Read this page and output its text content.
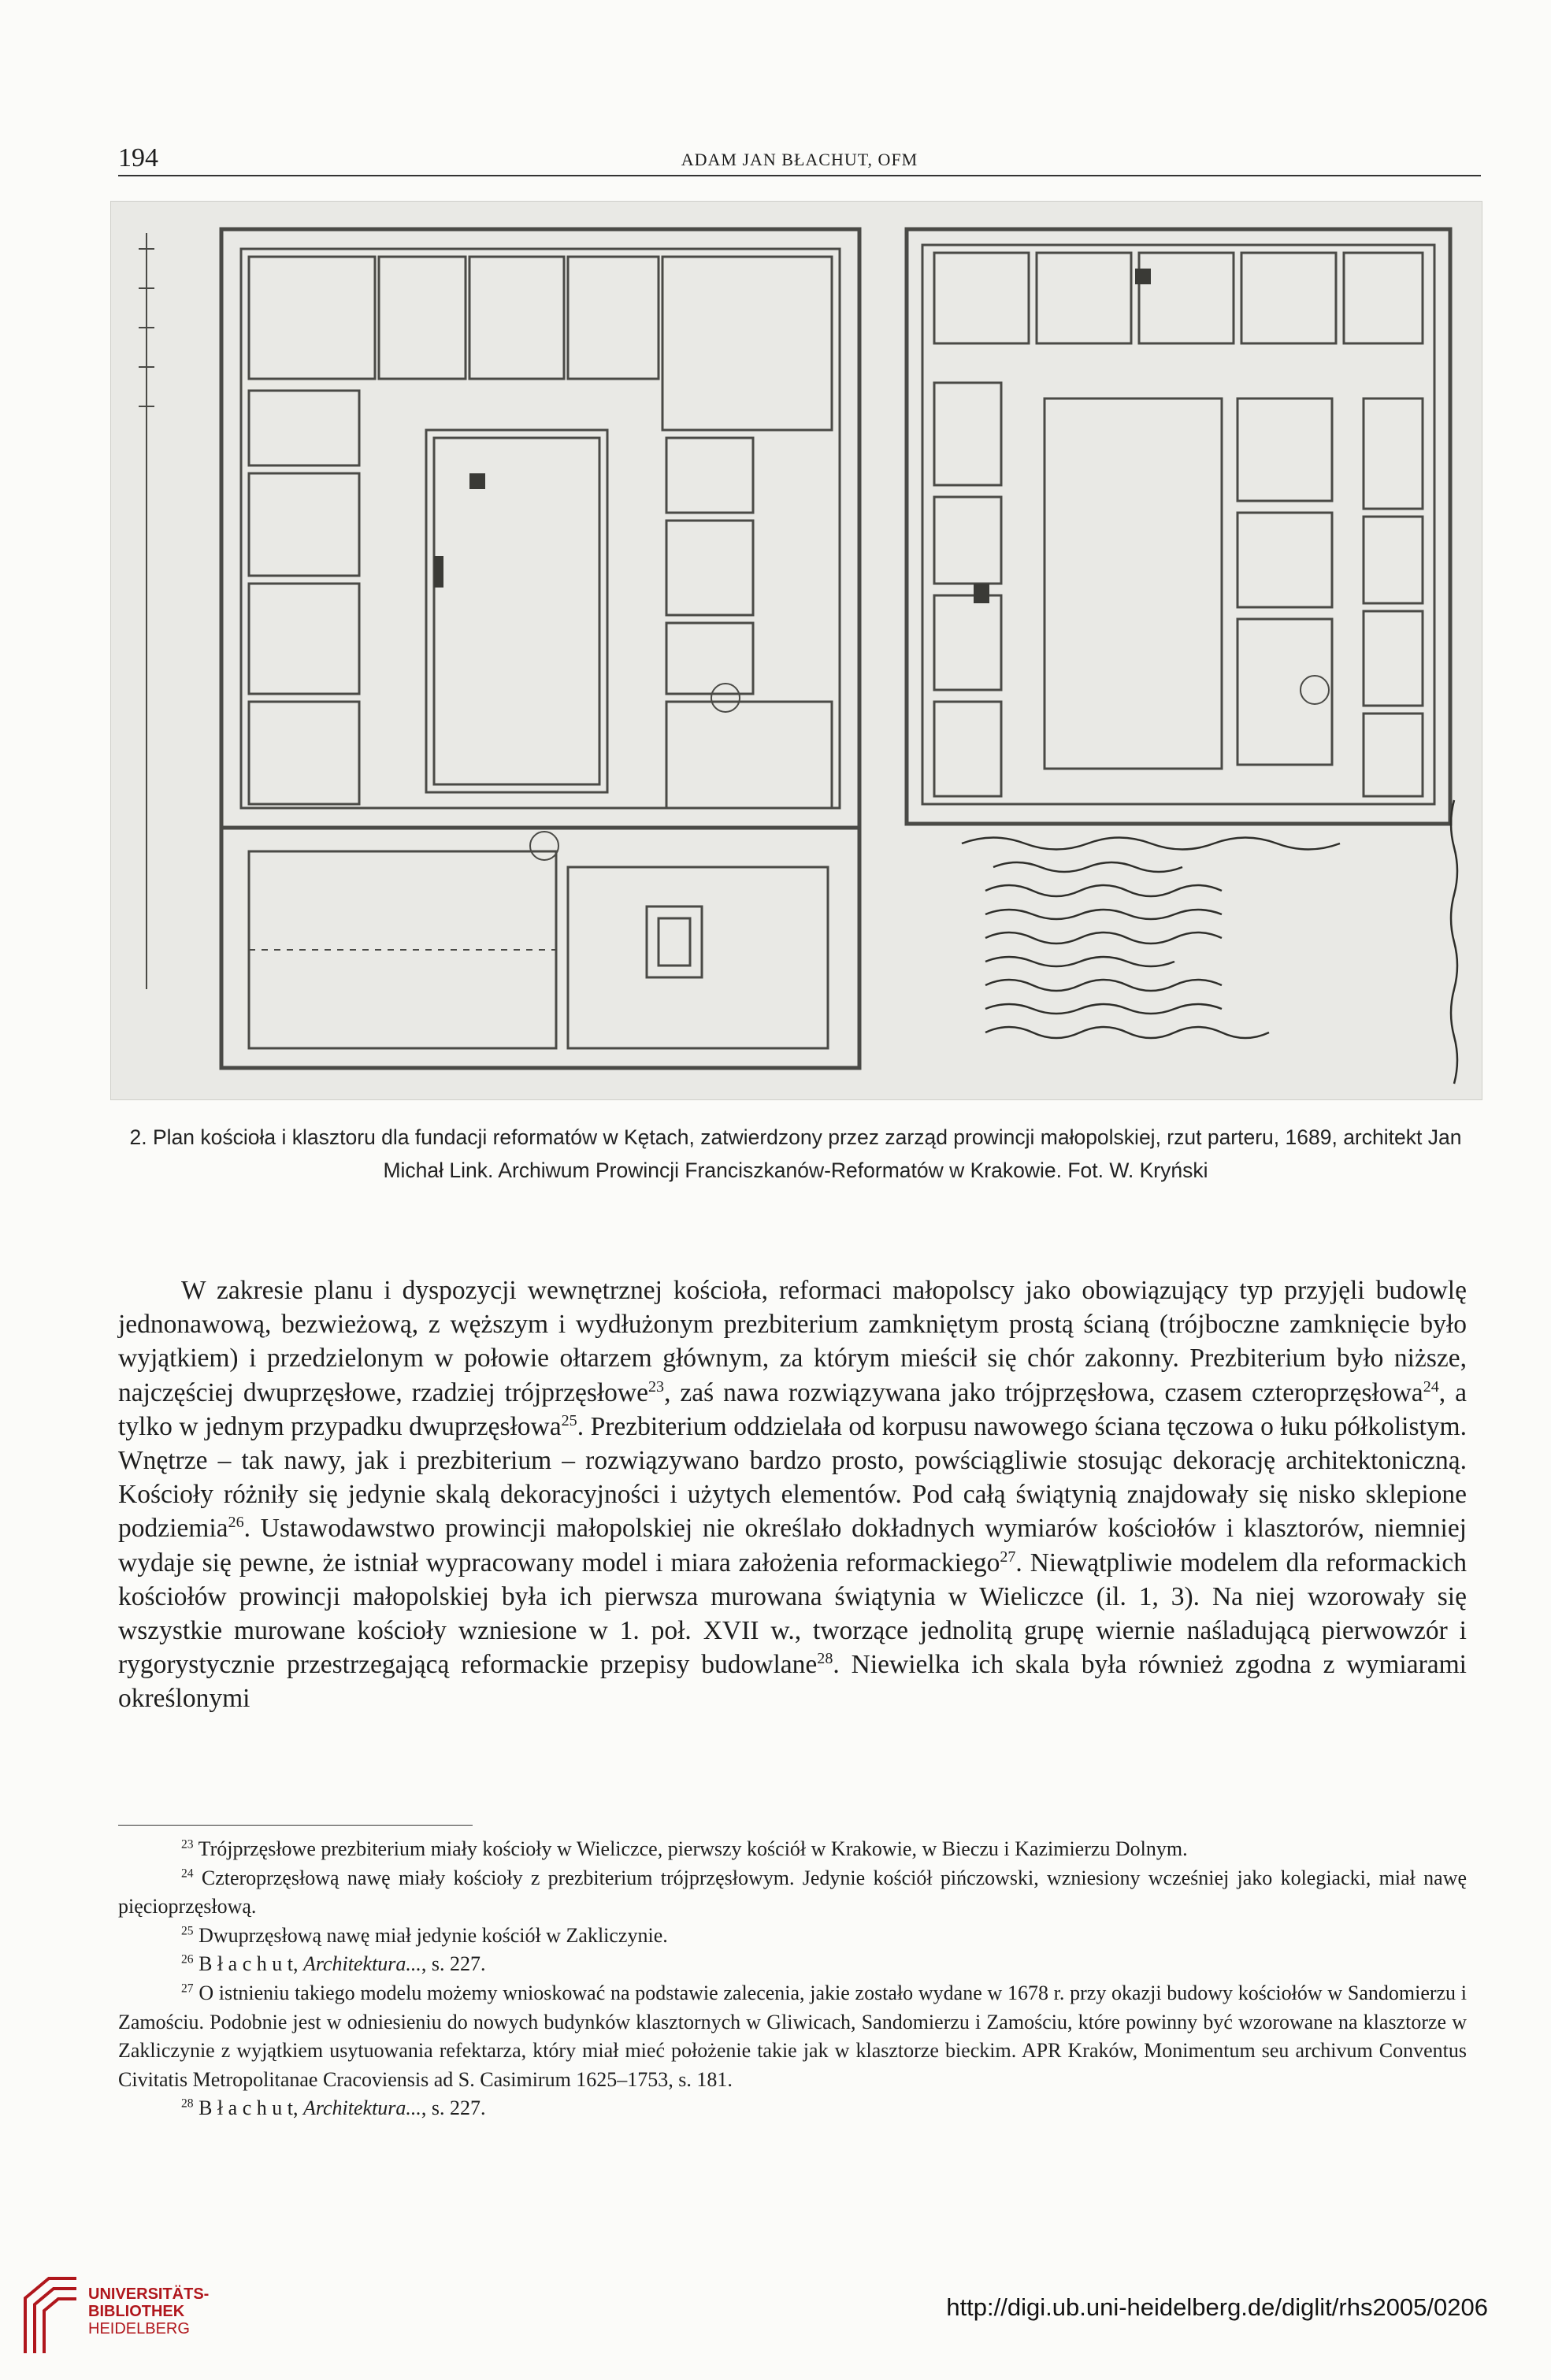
194	ADAM JAN BŁACHUT, OFM
2. Plan kościoła i klasztoru dla fundacji reformatów w Kętach, zatwierdzony przez zarząd prowincji małopolskiej, rzut parteru, 1689, architekt Jan Michał Link. Archiwum Prowincji Franciszkanów-Reformatów w Krakowie. Fot. W. Kryński

W zakresie planu i dyspozycji wewnętrznej kościoła, reformaci małopolscy jako obowiązujący typ przyjęli budowlę jednonawową, bezwieżową, z węższym i wydłużonym prezbiterium zamkniętym prostą ścianą (trójboczne zamknięcie było wyjątkiem) i przedzielonym w połowie ołtarzem głównym, za którym mieścił się chór zakonny. Prezbiterium było niższe, najczęściej dwuprzęsłowe, rzadziej trójprzęsłowe$^{23}$, zaś nawa rozwiązywana jako trójprzęsłowa, czasem czteroprzęsłowa$^{24}$, a tylko w jednym przypadku dwuprzęsłowa$^{25}$. Prezbiterium oddzielała od korpusu nawowego ściana tęczowa o łuku półkolistym. Wnętrze – tak nawy, jak i prezbiterium – rozwiązywano bardzo prosto, powściągliwie stosując dekorację architektoniczną. Kościoły różniły się jedynie skalą dekoracyjności i użytych elementów. Pod całą świątynią znajdowały się nisko sklepione podziemia$^{26}$. Ustawodawstwo prowincji małopolskiej nie określało dokładnych wymiarów kościołów i klasztorów, niemniej wydaje się pewne, że istniał wypracowany model i miara założenia reformackiego$^{27}$. Niewątpliwie modelem dla reformackich kościołów prowincji małopolskiej była ich pierwsza murowana świątynia w Wieliczce (il. 1, 3). Na niej wzorowały się wszystkie murowane kościoły wzniesione w 1. poł. XVII w., tworzące jednolitą grupę wiernie naśladującą pierwowzór i rygorystycznie przestrzegającą reformackie przepisy budowlane$^{28}$. Niewielka ich skala była również zgodna z wymiarami określonymi

$^{23}$ Trójprzęsłowe prezbiterium miały kościoły w Wieliczce, pierwszy kościół w Krakowie, w Bieczu i Kazimierzu Dolnym.

$^{24}$ Czteroprzęsłową nawę miały kościoły z prezbiterium trójprzęsłowym. Jedynie kościół pińczowski, wzniesiony wcześniej jako kolegiacki, miał nawę pięcioprzęsłową.

$^{25}$ Dwuprzęsłową nawę miał jedynie kościół w Zakliczynie.

$^{26}$ B ł a c h u t, Architektura..., s. 227.

$^{27}$ O istnieniu takiego modelu możemy wnioskować na podstawie zalecenia, jakie zostało wydane w 1678 r. przy okazji budowy kościołów w Sandomierzu i Zamościu. Podobnie jest w odniesieniu do nowych budynków klasztornych w Gliwicach, Sandomierzu i Zamościu, które powinny być wzorowane na klasztorze w Zakliczynie z wyjątkiem usytuowania refektarza, który miał mieć położenie takie jak w klasztorze bieckim. APR Kraków, Monimentum seu archivum Conventus Civitatis Metropolitanae Cracoviensis ad S. Casimirum 1625–1753, s. 181.

$^{28}$ B ł a c h u t, Architektura..., s. 227.

UNIVERSITÄTS-
BIBLIOTHEK
HEIDELBERG
http://digi.ub.uni-heidelberg.de/diglit/rhs2005/0206
